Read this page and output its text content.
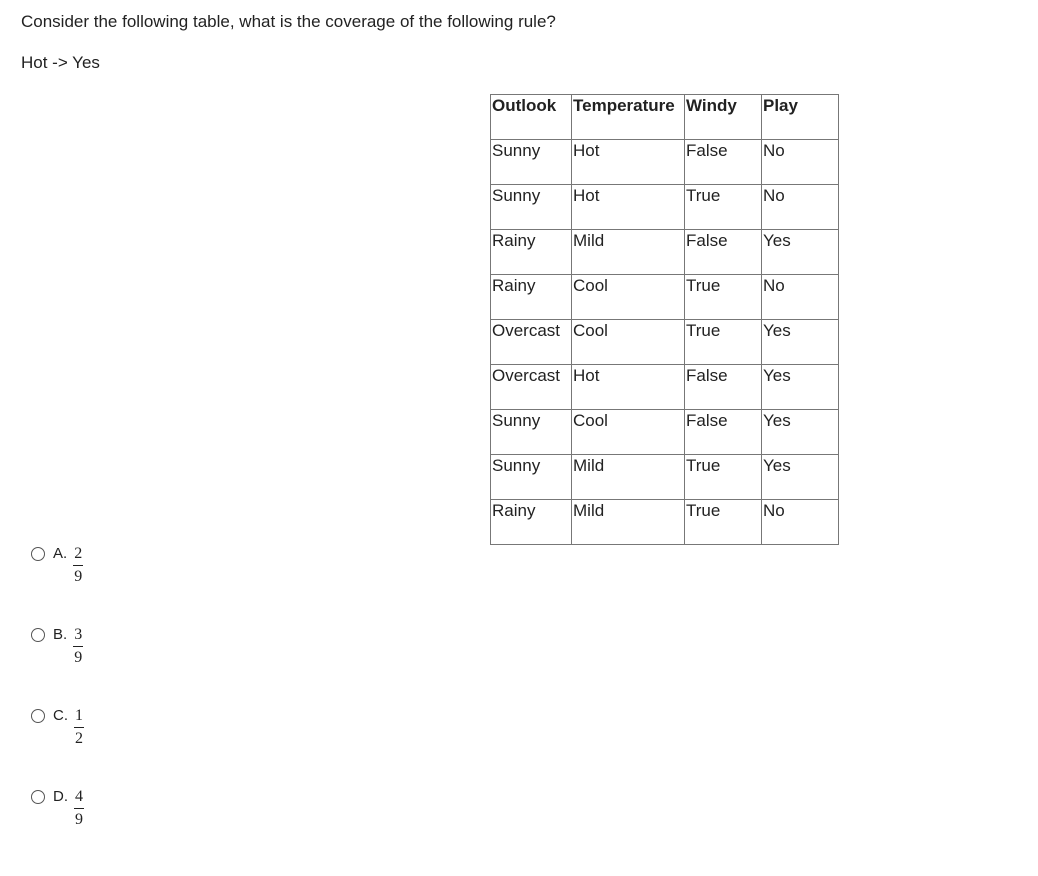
Consider the following table, what is the coverage of the following rule?
Hot -> Yes
Outlook	Temperature	Windy	Play
Sunny	Hot	False	No
Sunny	Hot	True	No
Rainy	Mild	False	Yes
Rainy	Cool	True	No
Overcast	Cool	True	Yes
Overcast	Hot	False	Yes
Sunny	Cool	False	Yes
Sunny	Mild	True	Yes
Rainy	Mild	True	No
A. $\frac{2}{9}$
B. $\frac{3}{9}$
C. $\frac{1}{2}$
D. $\frac{4}{9}$
